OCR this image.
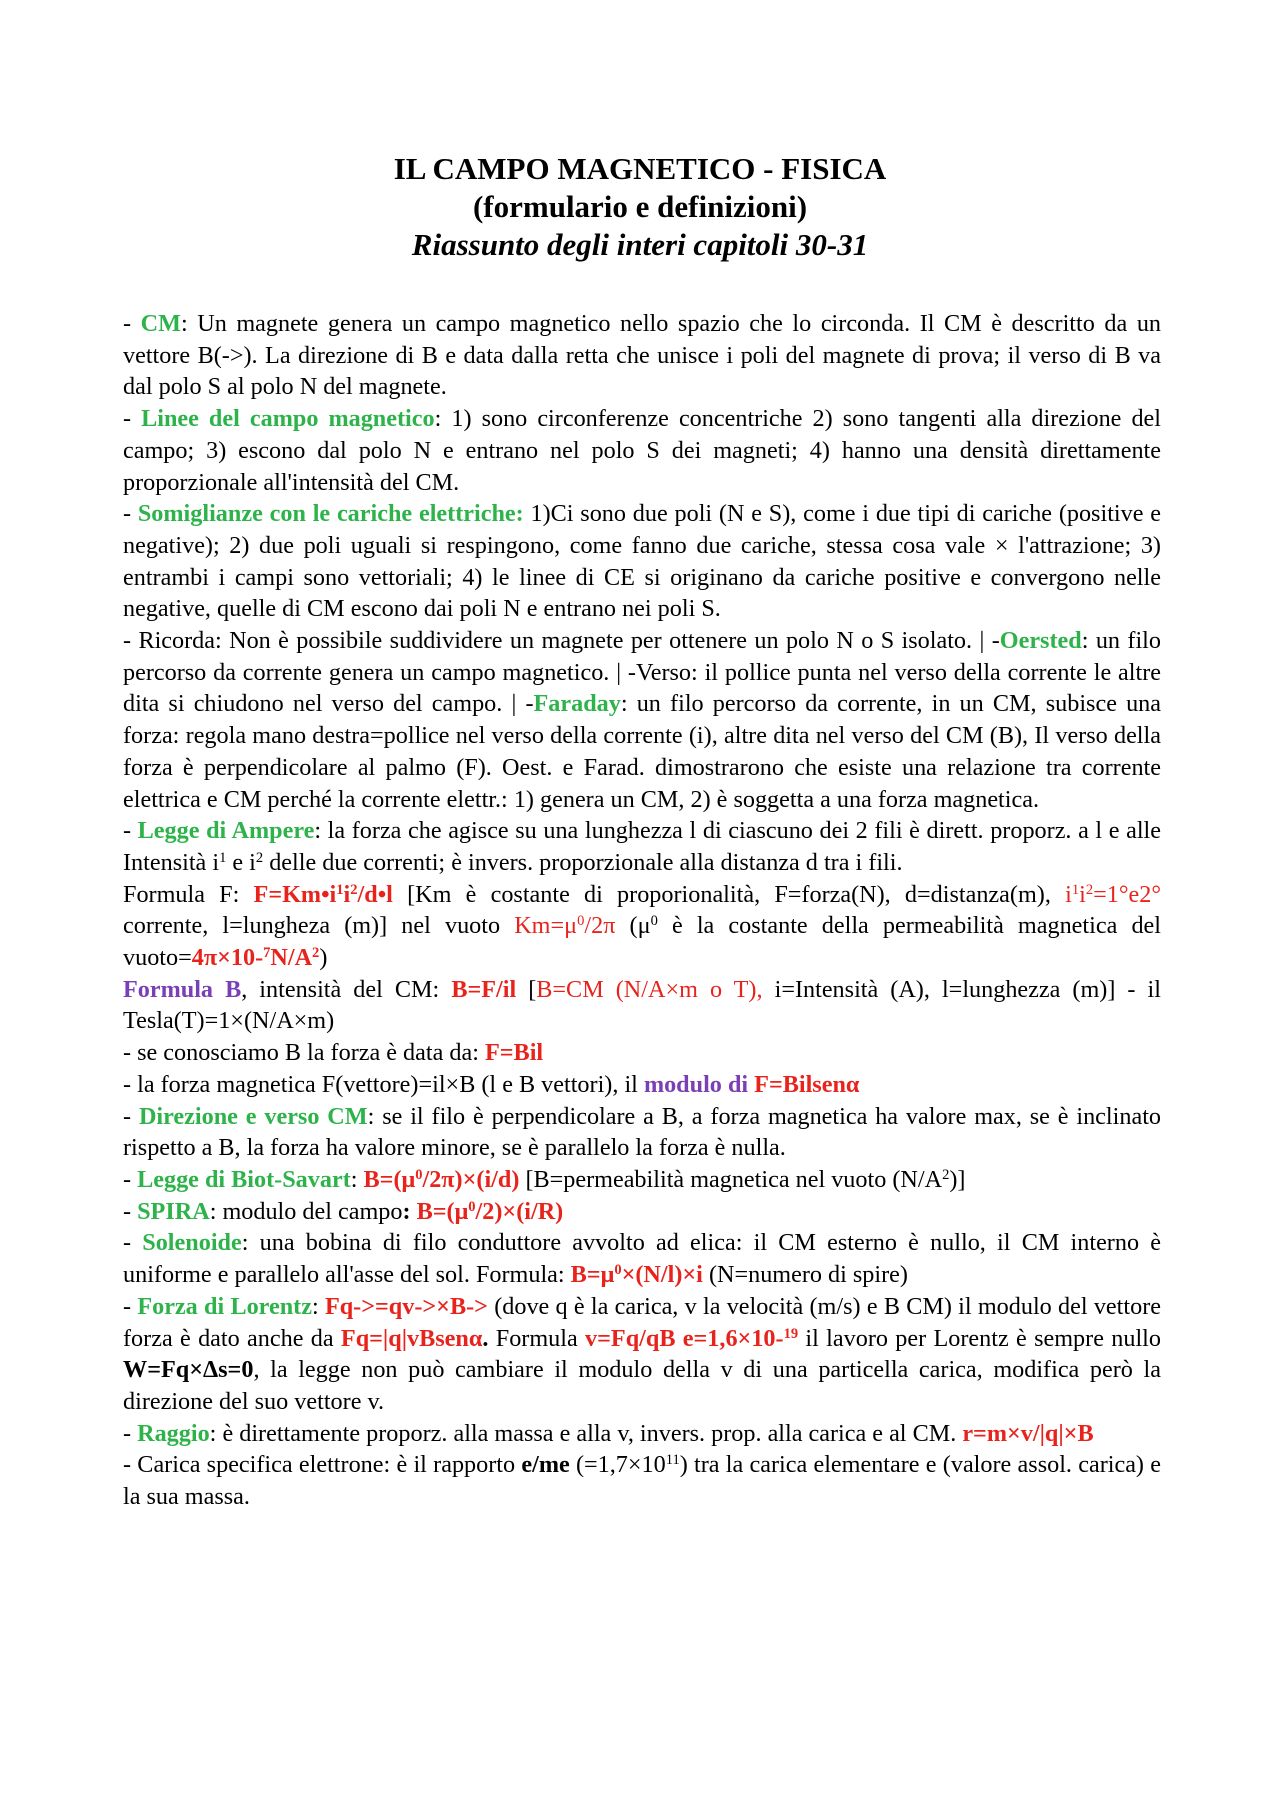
IL CAMPO MAGNETICO - FISICA
(formulario e definizioni)
Riassunto degli interi capitoli 30-31

- CM: Un magnete genera un campo magnetico nello spazio che lo circonda. Il CM è descritto da un vettore B(->). La direzione di B e data dalla retta che unisce i poli del magnete di prova; il verso di B va dal polo S al polo N del magnete.

- Linee del campo magnetico: 1) sono circonferenze concentriche 2) sono tangenti alla direzione del campo; 3) escono dal polo N e entrano nel polo S dei magneti; 4) hanno una densità direttamente proporzionale all'intensità del CM.

- Somiglianze con le cariche elettriche: 1)Ci sono due poli (N e S), come i due tipi di cariche (positive e negative); 2) due poli uguali si respingono, come fanno due cariche, stessa cosa vale × l'attrazione; 3) entrambi i campi sono vettoriali; 4) le linee di CE si originano da cariche positive e convergono nelle negative, quelle di CM escono dai poli N e entrano nei poli S.

- Ricorda: Non è possibile suddividere un magnete per ottenere un polo N o S isolato. | -Oersted: un filo percorso da corrente genera un campo magnetico. | -Verso: il pollice punta nel verso della corrente le altre dita si chiudono nel verso del campo. | -Faraday: un filo percorso da corrente, in un CM, subisce una forza: regola mano destra=pollice nel verso della corrente (i), altre dita nel verso del CM (B), Il verso della forza è perpendicolare al palmo (F). Oest. e Farad. dimostrarono che esiste una relazione tra corrente elettrica e CM perché la corrente elettr.: 1) genera un CM, 2) è soggetta a una forza magnetica.

- Legge di Ampere: la forza che agisce su una lunghezza l di ciascuno dei 2 fili è dirett. proporz. a l e alle Intensità $i^1$ e $i^2$ delle due correnti; è invers. proporzionale alla distanza d tra i fili.

Formula F: $F=Km•i^1i^2/d•l$ [Km è costante di proporionalità, F=forza(N), d=distanza(m), $i^1i^2=1^\circ e2^\circ$ corrente, l=lungheza (m)] nel vuoto $Km=\mu^0/2\pi$ ($\mu^0$ è la costante della permeabilità magnetica del $vuoto=4\pi\times 10-^7N/A^2$)

Formula B, intensità del CM: B=F/il [B=CM (N/A×m o T), i=Intensità (A), l=lunghezza (m)] - il Tesla(T)=1×(N/A×m)

- se conosciamo B la forza è data da: F=Bil

- la forza magnetica F(vettore)=il×B (l e B vettori), il modulo di F=Bilsenα

- Direzione e verso CM: se il filo è perpendicolare a B, a forza magnetica ha valore max, se è inclinato rispetto a B, la forza ha valore minore, se è parallelo la forza è nulla.

- Legge di Biot-Savart: $B=(\mu^0/2\pi)\times(i/d)$ [B=permeabilità magnetica nel vuoto $(N/A^2)$]

- SPIRA: modulo del campo: $B=(\mu^0/2)\times(i/R)$

- Solenoide: una bobina di filo conduttore avvolto ad elica: il CM esterno è nullo, il CM interno è uniforme e parallelo all'asse del sol. Formula: $B=\mu^0\times(N/l)\times i$ (N=numero di spire)

- Forza di Lorentz: Fq->=qv->×B-> (dove q è la carica, v la velocità (m/s) e B CM) il modulo del vettore forza è dato anche da Fq=|q|vBsenα. Formula v=Fq/qB e=1,6×10-$^{19}$ il lavoro per Lorentz è sempre nullo W=Fq×Δs=0, la legge non può cambiare il modulo della v di una particella carica, modifica però la direzione del suo vettore v.

- Raggio: è direttamente proporz. alla massa e alla v, invers. prop. alla carica e al CM. r=m×v/|q|×B

- Carica specifica elettrone: è il rapporto e/me $(=1,7\times 10^{11})$ tra la carica elementare e (valore assol. carica) e la sua massa.
